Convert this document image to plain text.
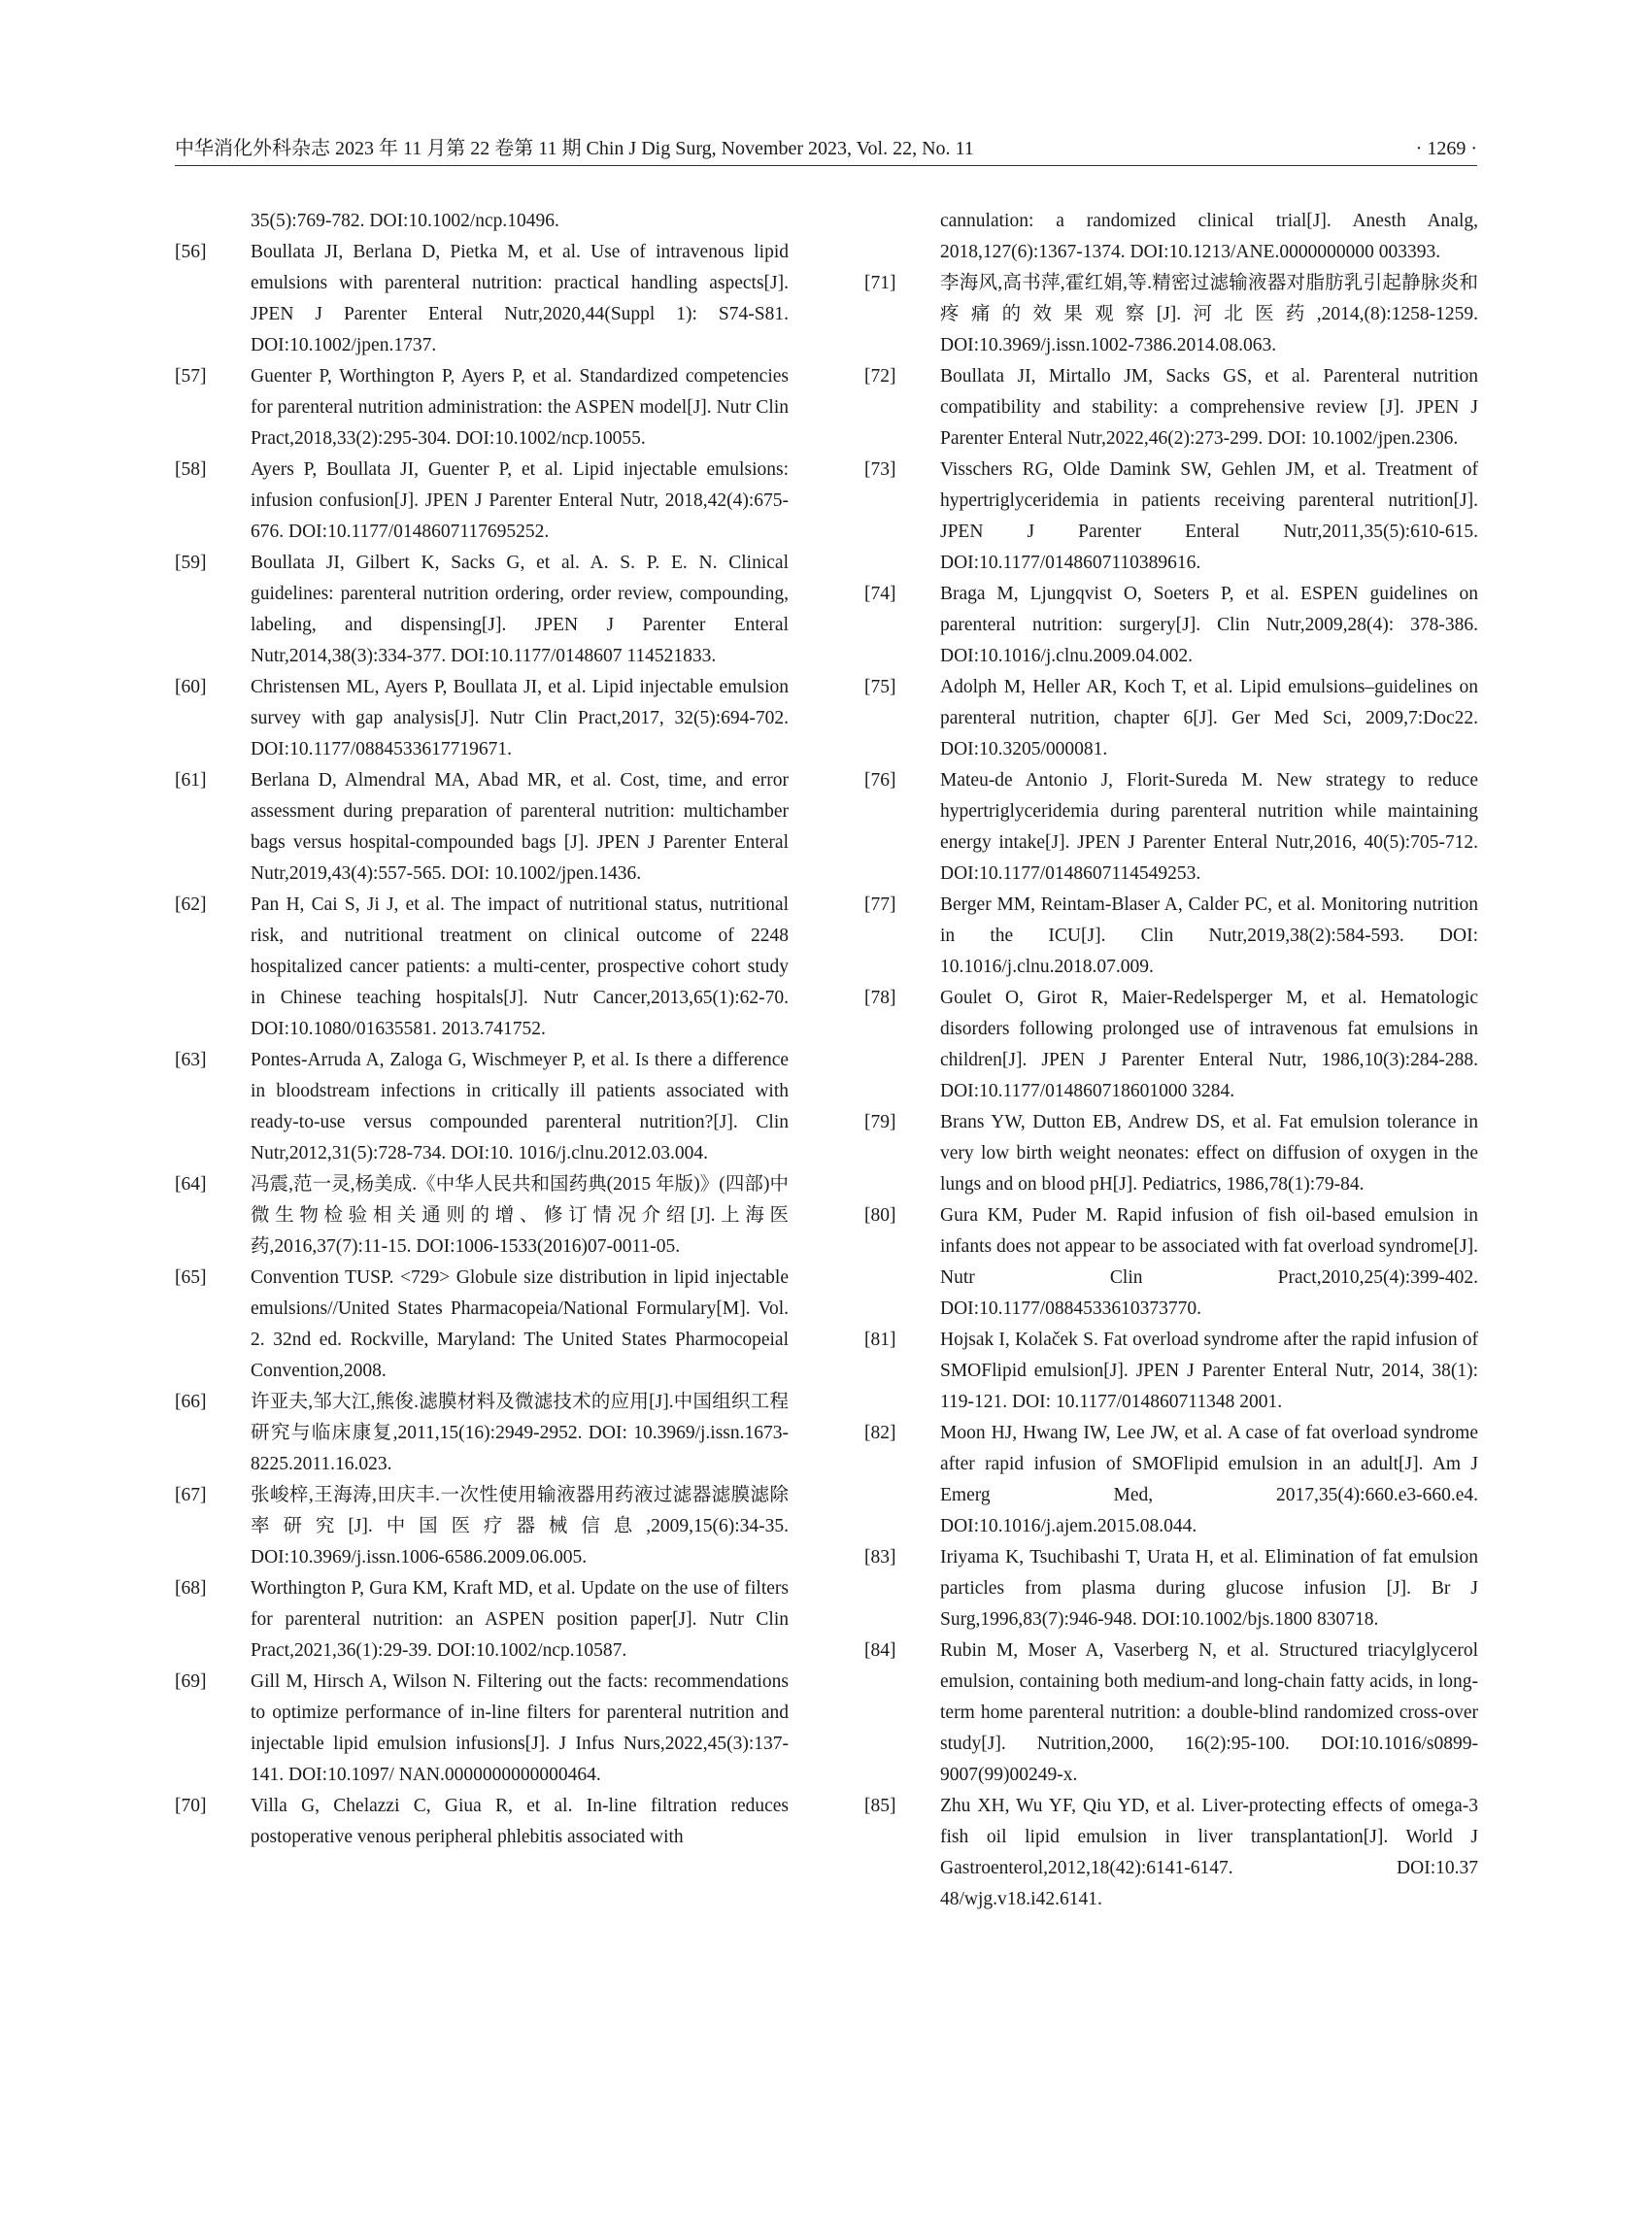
中华消化外科杂志 2023 年 11 月第 22 卷第 11 期 Chin J Dig Surg, November 2023, Vol. 22, No. 11	· 1269 ·

35(5):769-782. DOI:10.1002/ncp.10496.

[56] Boullata JI, Berlana D, Pietka M, et al. Use of intravenous lipid emulsions with parenteral nutrition: practical handling aspects[J]. JPEN J Parenter Enteral Nutr,2020,44(Suppl 1): S74-S81. DOI:10.1002/jpen.1737.

[57] Guenter P, Worthington P, Ayers P, et al. Standardized competencies for parenteral nutrition administration: the ASPEN model[J]. Nutr Clin Pract,2018,33(2):295-304. DOI:10.1002/ncp.10055.

[58] Ayers P, Boullata JI, Guenter P, et al. Lipid injectable emulsions: infusion confusion[J]. JPEN J Parenter Enteral Nutr, 2018,42(4):675-676. DOI:10.1177/0148607117695252.

[59] Boullata JI, Gilbert K, Sacks G, et al. A. S. P. E. N. Clinical guidelines: parenteral nutrition ordering, order review, compounding, labeling, and dispensing[J]. JPEN J Parenter Enteral Nutr,2014,38(3):334-377. DOI:10.1177/0148607 114521833.

[60] Christensen ML, Ayers P, Boullata JI, et al. Lipid injectable emulsion survey with gap analysis[J]. Nutr Clin Pract,2017, 32(5):694-702. DOI:10.1177/0884533617719671.

[61] Berlana D, Almendral MA, Abad MR, et al. Cost, time, and error assessment during preparation of parenteral nutrition: multichamber bags versus hospital-compounded bags [J]. JPEN J Parenter Enteral Nutr,2019,43(4):557-565. DOI: 10.1002/jpen.1436.

[62] Pan H, Cai S, Ji J, et al. The impact of nutritional status, nutritional risk, and nutritional treatment on clinical outcome of 2248 hospitalized cancer patients: a multi-center, prospective cohort study in Chinese teaching hospitals[J]. Nutr Cancer,2013,65(1):62-70. DOI:10.1080/01635581. 2013.741752.

[63] Pontes-Arruda A, Zaloga G, Wischmeyer P, et al. Is there a difference in bloodstream infections in critically ill patients associated with ready-to-use versus compounded parenteral nutrition?[J]. Clin Nutr,2012,31(5):728-734. DOI:10. 1016/j.clnu.2012.03.004.

[64] 冯震,范一灵,杨美成.《中华人民共和国药典(2015 年版)》(四部)中微生物检验相关通则的增、修订情况介绍[J].上海医药,2016,37(7):11-15. DOI:1006-1533(2016)07-0011-05.

[65] Convention TUSP. <729> Globule size distribution in lipid injectable emulsions//United States Pharmacopeia/National Formulary[M]. Vol. 2. 32nd ed. Rockville, Maryland: The United States Pharmocopeial Convention,2008.

[66] 许亚夫,邹大江,熊俊.滤膜材料及微滤技术的应用[J].中国组织工程研究与临床康复,2011,15(16):2949-2952. DOI: 10.3969/j.issn.1673-8225.2011.16.023.

[67] 张峻梓,王海涛,田庆丰.一次性使用输液器用药液过滤器滤膜滤除率研究[J].中国医疗器械信息,2009,15(6):34-35. DOI:10.3969/j.issn.1006-6586.2009.06.005.

[68] Worthington P, Gura KM, Kraft MD, et al. Update on the use of filters for parenteral nutrition: an ASPEN position paper[J]. Nutr Clin Pract,2021,36(1):29-39. DOI:10.1002/ncp.10587.

[69] Gill M, Hirsch A, Wilson N. Filtering out the facts: recommendations to optimize performance of in-line filters for parenteral nutrition and injectable lipid emulsion infusions[J]. J Infus Nurs,2022,45(3):137-141. DOI:10.1097/ NAN.0000000000000464.

[70] Villa G, Chelazzi C, Giua R, et al. In-line filtration reduces postoperative venous peripheral phlebitis associated with

cannulation: a randomized clinical trial[J]. Anesth Analg, 2018,127(6):1367-1374. DOI:10.1213/ANE.0000000000 003393.

[71] 李海风,高书萍,霍红娟,等.精密过滤输液器对脂肪乳引起静脉炎和疼痛的效果观察[J].河北医药,2014,(8):1258-1259. DOI:10.3969/j.issn.1002-7386.2014.08.063.

[72] Boullata JI, Mirtallo JM, Sacks GS, et al. Parenteral nutrition compatibility and stability: a comprehensive review [J]. JPEN J Parenter Enteral Nutr,2022,46(2):273-299. DOI: 10.1002/jpen.2306.

[73] Visschers RG, Olde Damink SW, Gehlen JM, et al. Treatment of hypertriglyceridemia in patients receiving parenteral nutrition[J]. JPEN J Parenter Enteral Nutr,2011,35(5):610-615. DOI:10.1177/0148607110389616.

[74] Braga M, Ljungqvist O, Soeters P, et al. ESPEN guidelines on parenteral nutrition: surgery[J]. Clin Nutr,2009,28(4): 378-386. DOI:10.1016/j.clnu.2009.04.002.

[75] Adolph M, Heller AR, Koch T, et al. Lipid emulsions–guidelines on parenteral nutrition, chapter 6[J]. Ger Med Sci, 2009,7:Doc22. DOI:10.3205/000081.

[76] Mateu-de Antonio J, Florit-Sureda M. New strategy to reduce hypertriglyceridemia during parenteral nutrition while maintaining energy intake[J]. JPEN J Parenter Enteral Nutr,2016, 40(5):705-712. DOI:10.1177/0148607114549253.

[77] Berger MM, Reintam-Blaser A, Calder PC, et al. Monitoring nutrition in the ICU[J]. Clin Nutr,2019,38(2):584-593. DOI: 10.1016/j.clnu.2018.07.009.

[78] Goulet O, Girot R, Maier-Redelsperger M, et al. Hematologic disorders following prolonged use of intravenous fat emulsions in children[J]. JPEN J Parenter Enteral Nutr, 1986,10(3):284-288. DOI:10.1177/014860718601000 3284.

[79] Brans YW, Dutton EB, Andrew DS, et al. Fat emulsion tolerance in very low birth weight neonates: effect on diffusion of oxygen in the lungs and on blood pH[J]. Pediatrics, 1986,78(1):79-84.

[80] Gura KM, Puder M. Rapid infusion of fish oil-based emulsion in infants does not appear to be associated with fat overload syndrome[J]. Nutr Clin Pract,2010,25(4):399-402. DOI:10.1177/0884533610373770.

[81] Hojsak I, Kolaček S. Fat overload syndrome after the rapid infusion of SMOFlipid emulsion[J]. JPEN J Parenter Enteral Nutr, 2014, 38(1): 119-121. DOI: 10.1177/014860711348 2001.

[82] Moon HJ, Hwang IW, Lee JW, et al. A case of fat overload syndrome after rapid infusion of SMOFlipid emulsion in an adult[J]. Am J Emerg Med, 2017,35(4):660.e3-660.e4. DOI:10.1016/j.ajem.2015.08.044.

[83] Iriyama K, Tsuchibashi T, Urata H, et al. Elimination of fat emulsion particles from plasma during glucose infusion [J]. Br J Surg,1996,83(7):946-948. DOI:10.1002/bjs.1800 830718.

[84] Rubin M, Moser A, Vaserberg N, et al. Structured triacylglycerol emulsion, containing both medium-and long-chain fatty acids, in long-term home parenteral nutrition: a double-blind randomized cross-over study[J]. Nutrition,2000, 16(2):95-100. DOI:10.1016/s0899-9007(99)00249-x.

[85] Zhu XH, Wu YF, Qiu YD, et al. Liver-protecting effects of omega-3 fish oil lipid emulsion in liver transplantation[J]. World J Gastroenterol,2012,18(42):6141-6147. DOI:10.37 48/wjg.v18.i42.6141.
